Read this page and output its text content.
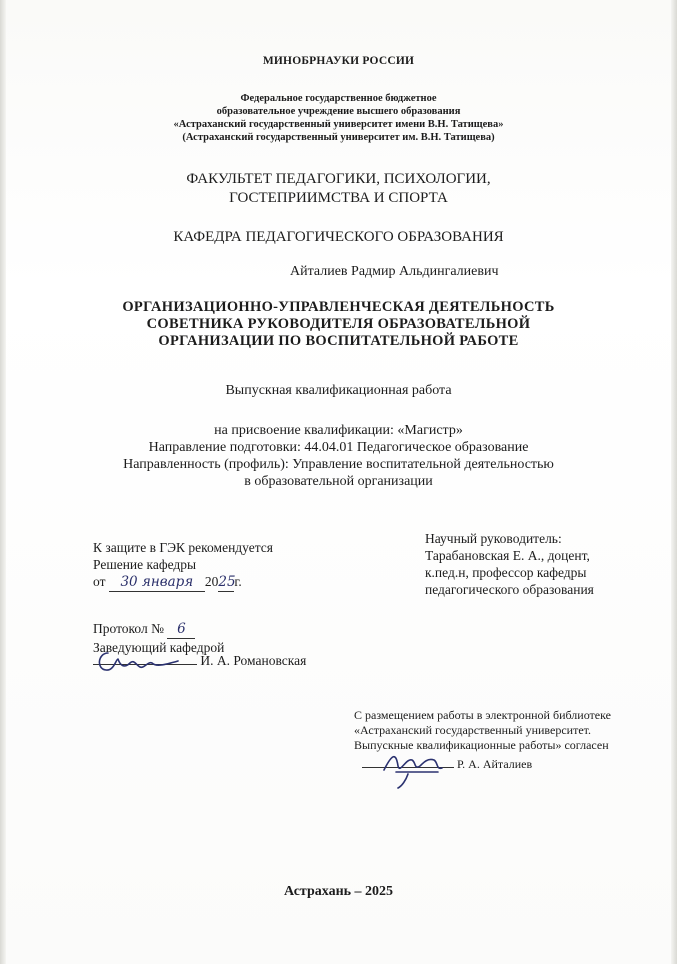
МИНОБРНАУКИ РОССИИ
Федеральное государственное бюджетное
образовательное учреждение высшего образования
«Астраханский государственный университет имени В.Н. Татищева»
(Астраханский государственный университет им. В.Н. Татищева)
ФАКУЛЬТЕТ ПЕДАГОГИКИ, ПСИХОЛОГИИ,
ГОСТЕПРИИМСТВА И СПОРТА
КАФЕДРА ПЕДАГОГИЧЕСКОГО ОБРАЗОВАНИЯ
Айталиев Радмир Альдингалиевич
ОРГАНИЗАЦИОННО-УПРАВЛЕНЧЕСКАЯ ДЕЯТЕЛЬНОСТЬ
СОВЕТНИКА РУКОВОДИТЕЛЯ ОБРАЗОВАТЕЛЬНОЙ
ОРГАНИЗАЦИИ ПО ВОСПИТАТЕЛЬНОЙ РАБОТЕ
Выпускная квалификационная работа
на присвоение квалификации: «Магистр»
Направление подготовки: 44.04.01 Педагогическое образование
Направленность (профиль): Управление воспитательной деятельностью
в образовательной организации
К защите в ГЭК рекомендуется
Решение кафедры
от 30 января 2025г.
Протокол № 6
Заведующий кафедрой
И. А. Романовская
Научный руководитель:
Тарабановская Е. А., доцент,
к.пед.н, профессор кафедры
педагогического образования
С размещением работы в электронной библиотеке
«Астраханский государственный университет.
Выпускные квалификационные работы» согласен
Р. А. Айталиев
Астрахань – 2025
